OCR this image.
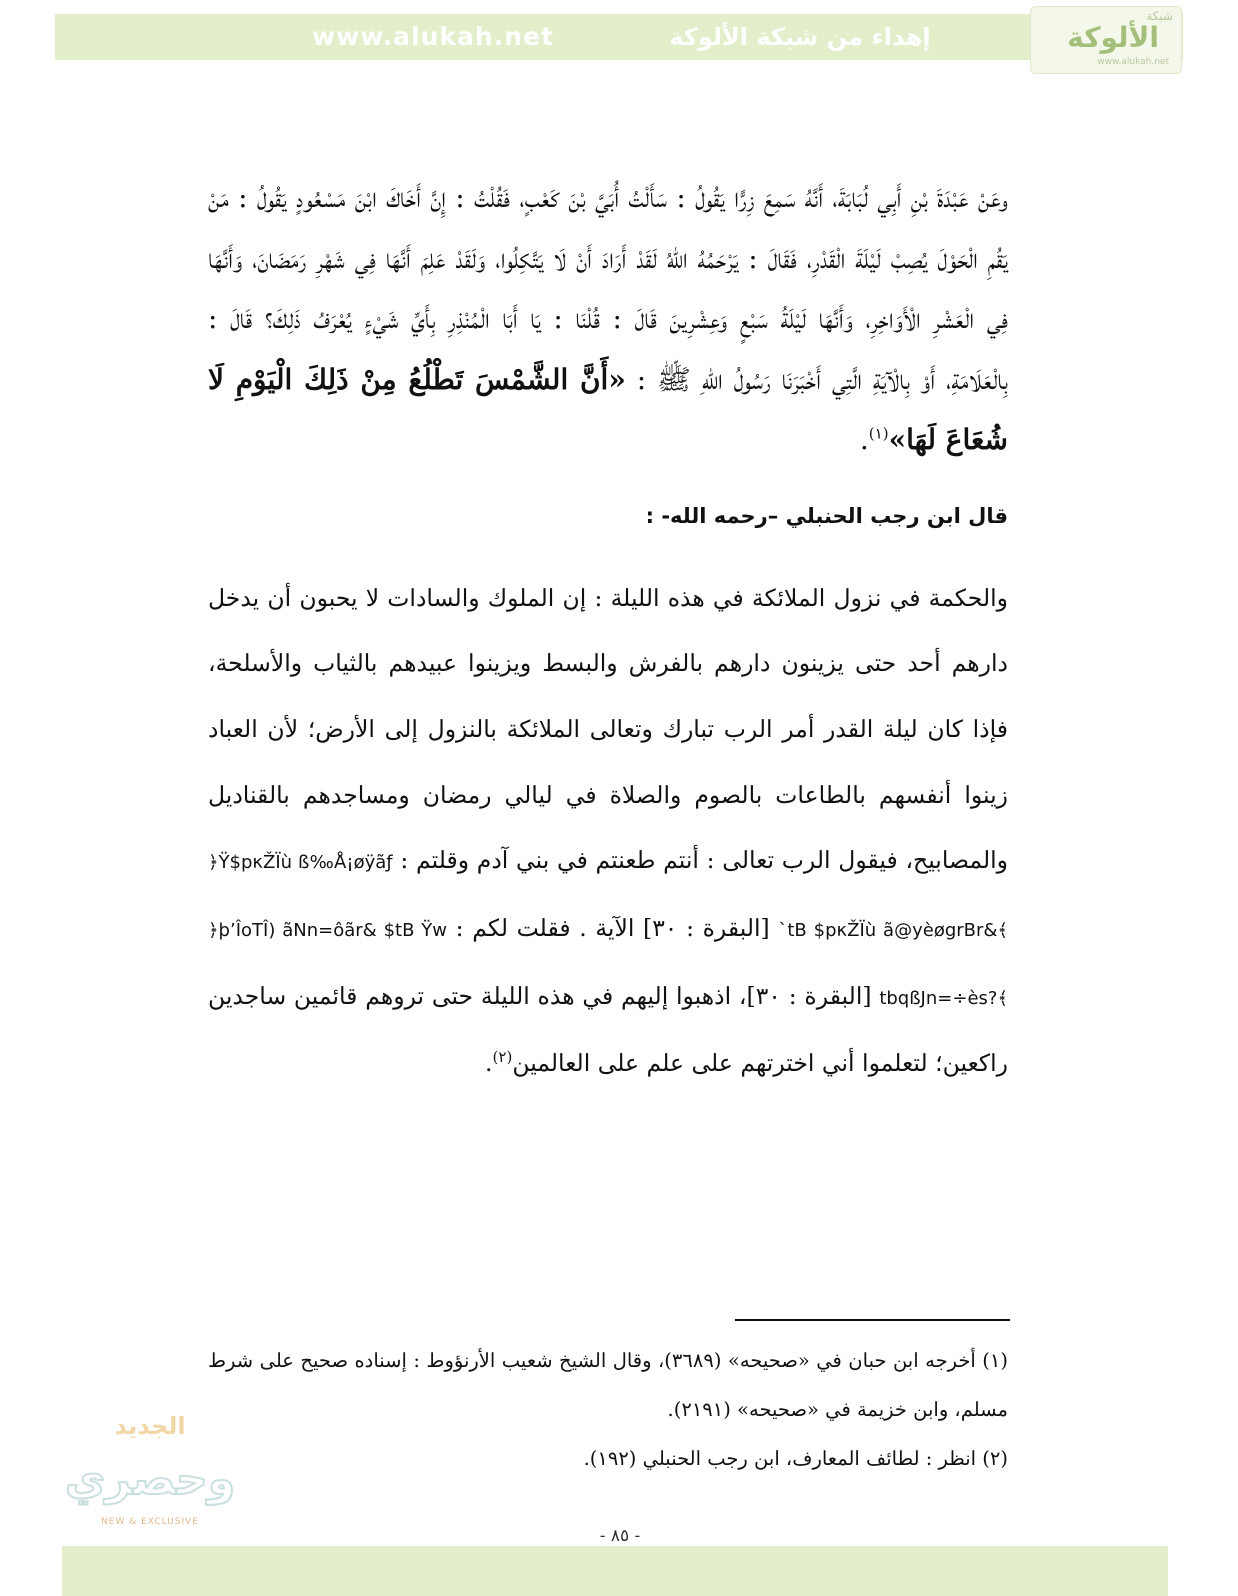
www.alukah.net	إهداء من شبكة الألوكة
شبكة
الألوكة
www.alukah.net

وعَنْ عَبْدَةَ بْنِ أَبِي لُبَابَةَ، أَنَّهُ سَمِعَ زِرًّا يَقُولُ : سَأَلْتُ أُبَيَّ بْنَ كَعْبٍ، فَقُلْتُ : إِنَّ أَخَاكَ ابْنَ مَسْعُودٍ يَقُولُ : مَنْ يَقُمِ الْحَوْلَ يُصِبْ لَيْلَةَ الْقَدْرِ، فَقَالَ : يَرْحَمُهُ اللهُ لَقَدْ أَرَادَ أَنْ لَا يَتَّكِلُوا، وَلَقَدْ عَلِمَ أَنَّهَا فِي شَهْرِ رَمَضَانَ، وَأَنَّهَا فِي الْعَشْرِ الْأَوَاخِرِ، وَأَنَّهَا لَيْلَةُ سَبْعٍ وَعِشْرِينَ قَالَ : قُلْنَا : يَا أَبَا الْمُنْذِرِ بِأَيِّ شَيْءٍ يُعْرَفُ ذَلِكَ؟ قَالَ : بِالْعَلَامَةِ، أَوْ بِالْآيَةِ الَّتِي أَخْبَرَنَا رَسُولُ اللهِ ﷺ : «أَنَّ الشَّمْسَ تَطْلُعُ مِنْ ذَلِكَ الْيَوْمِ لَا شُعَاعَ لَهَا»$^{(١)}$.

قال ابن رجب الحنبلي –رحمه الله- :

والحكمة في نزول الملائكة في هذه الليلة : إن الملوك والسادات لا يحبون أن يدخل دارهم أحد حتى يزينون دارهم بالفرش والبسط ويزينوا عبيدهم بالثياب والأسلحة، فإذا كان ليلة القدر أمر الرب تبارك وتعالى الملائكة بالنزول إلى الأرض؛ لأن العباد زينوا أنفسهم بالطاعات بالصوم والصلاة في ليالي رمضان ومساجدهم بالقناديل والمصابيح، فيقول الرب تعالى : أنتم طعنتم في بني آدم وقلتم : ﴿Ÿ$pκŽÏù ß‰Å¡øÿãƒ `tB $pκŽÏù ã@yèøgrBr&﴾ [البقرة : ٣٠] الآية . فقلت لكم : ﴿þ’ÎoTÎ) ãNn=ôãr& $tB Ÿw tbqßJn=÷ès?﴾ [البقرة : ٣٠]، اذهبوا إليهم في هذه الليلة حتى تروهم قائمين ساجدين راكعين؛ لتعلموا أني اخترتهم على علم على العالمين$^{(٢)}$.

(١) أخرجه ابن حبان في «صحيحه» (٣٦٨٩)، وقال الشيخ شعيب الأرنؤوط : إسناده صحيح على شرط مسلم، وابن خزيمة في «صحيحه» (٢١٩١).

(٢) انظر : لطائف المعارف، ابن رجب الحنبلي (١٩٢).

الجديد
وحصري
NEW & EXCLUSIVE
- ٨٥ -
